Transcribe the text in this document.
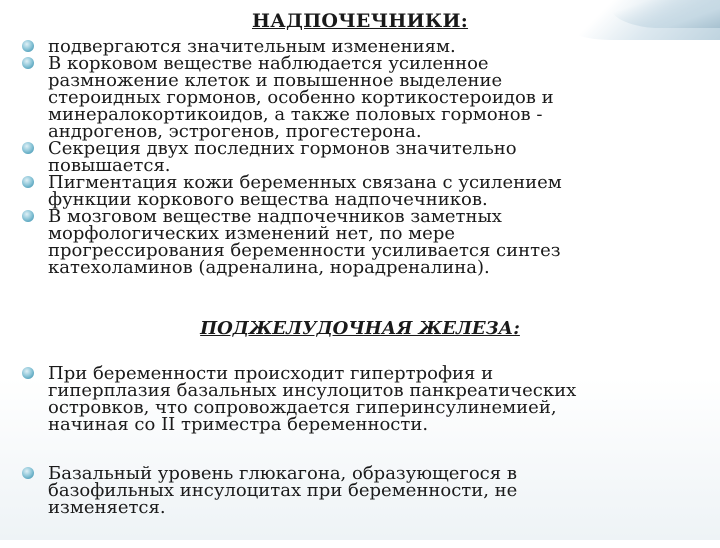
НАДПОЧЕЧНИКИ:
подвергаются значительным изменениям.
В корковом веществе наблюдается усиленное
размножение клеток и повышенное выделение
стероидных гормонов, особенно кортикостероидов и
минералокортикоидов, а также половых гормонов -
андрогенов, эстрогенов, прогестерона.
Секреция двух последних гормонов значительно
повышается.
Пигментация кожи беременных связана с усилением
функции коркового вещества надпочечников.
В мозговом веществе надпочечников заметных
морфологических изменений нет, по мере
прогрессирования беременности усиливается синтез
катехоламинов (адреналина, норадреналина).
ПОДЖЕЛУДОЧНАЯ ЖЕЛЕЗА:
При беременности происходит гипертрофия и
гиперплазия базальных инсулоцитов панкреатических
островков, что сопровождается гиперинсулинемией,
начиная со II триместра беременности.
Базальный уровень глюкагона, образующегося в
базофильных инсулоцитах при беременности, не
изменяется.
